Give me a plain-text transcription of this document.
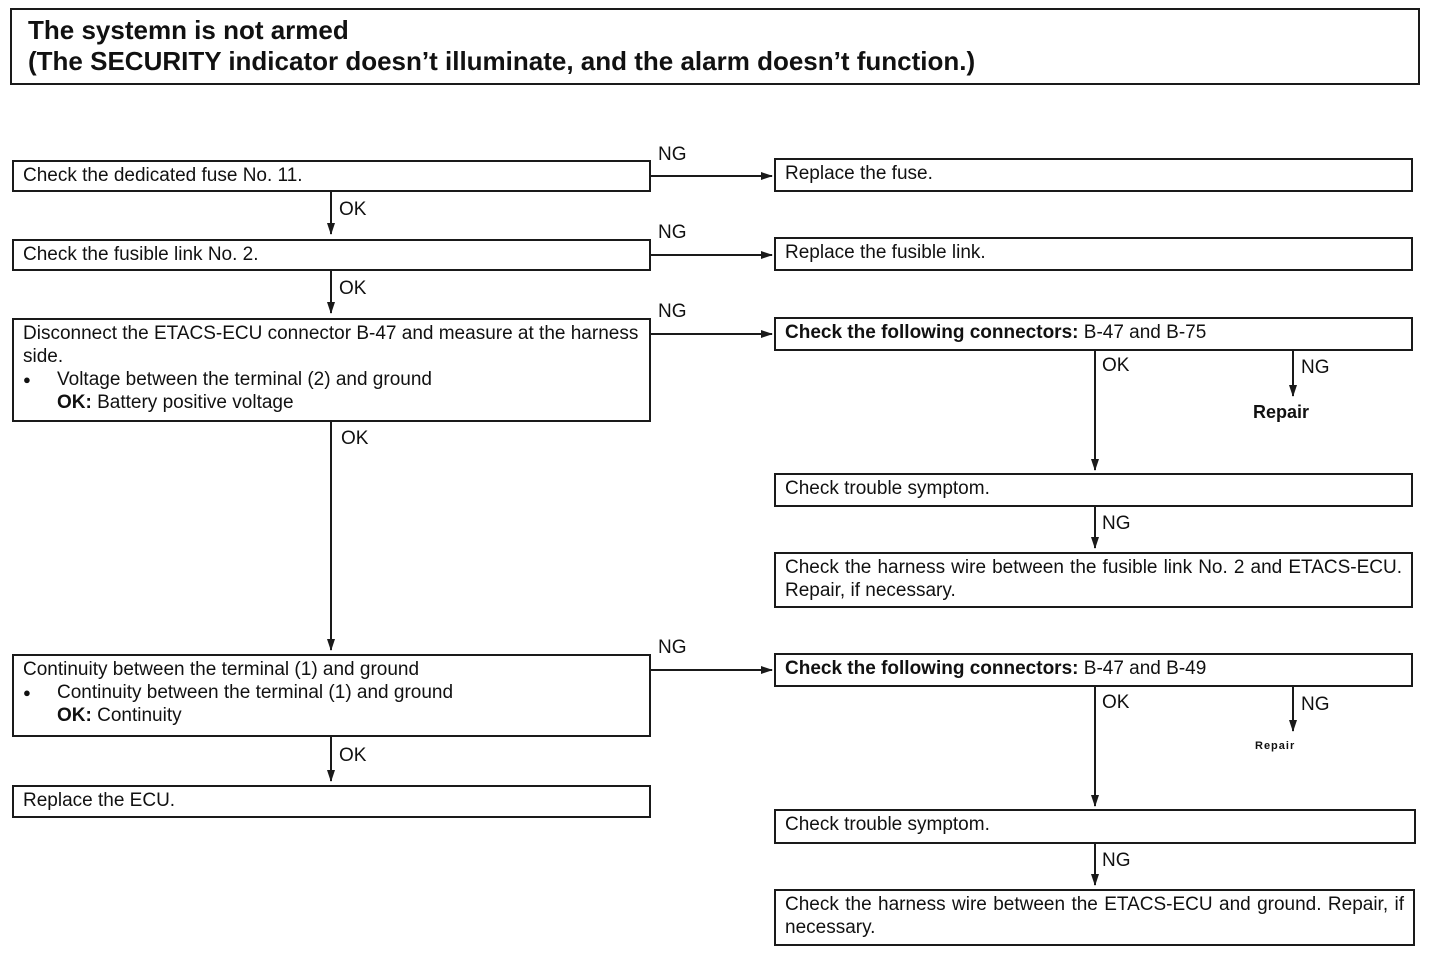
The systemn is not armed
(The SECURITY indicator doesn’t illuminate, and the alarm doesn’t function.)
Check the dedicated fuse No. 11.
Check the fusible link No. 2.
Disconnect the ETACS-ECU connector B-47 and measure at the harness side.
● Voltage between the terminal (2) and ground
OK: Battery positive voltage
Continuity between the terminal (1) and ground
● Continuity between the terminal (1) and ground
OK: Continuity
Replace the ECU.
Replace the fuse.
Replace the fusible link.
Check the following connectors: B-47 and B-75
Check trouble symptom.
Check the harness wire between the fusible link No. 2 and ETACS-ECU. Repair, if necessary.
Check the following connectors: B-47 and B-49
Check trouble symptom.
Check the harness wire between the ETACS-ECU and ground. Repair, if necessary.
NG
NG
NG
NG
OK
OK
OK
OK
OK	NG
NG
OK	NG
NG
Repair
Repair
